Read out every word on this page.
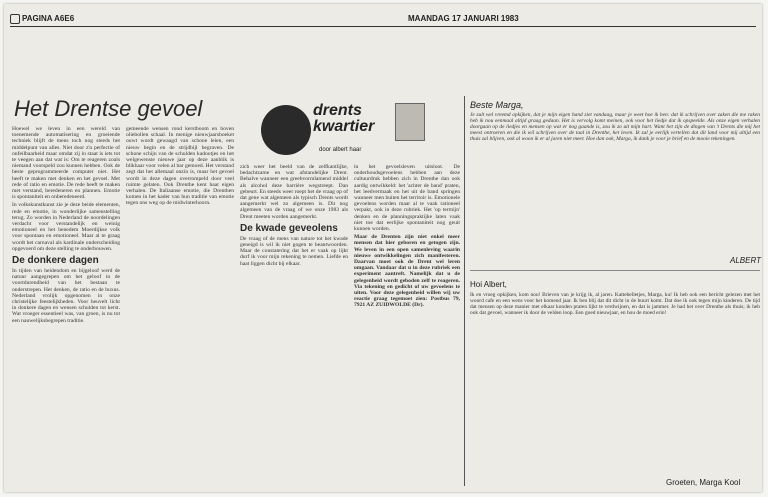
PAGINA A6E6	MAANDAG 17 JANUARI 1983
Het Drentse gevoel	drents
kwartier
door albert haar

Hoewel we leven in een wereld van toenemende automatisering en groeiende techniek blijft de mens toch nog steeds het middelpunt van alles. Niet door z'n perfectie of onfeilbaarheid maar omdat zij in staat is iets tot te veegen aan dat wat is: Om te reageren zoals niemand voorspeld zou kunnen hebben. Ook de beste geprogrammeerde computer niet. Het heeft te maken met denken en het gevoel. Met rede of ratio en emotie. De rede heeft te maken met verstand, beredeneren en plannen. Emotie is spontaniteit en onberedeneerd.

In volkskunstkunst zie je deze beide elementen, rede en emotie, in wonderlijke samenstelling terug. Zo worden in Nederland de noordelingen verdacht voor verstandelijk en weinig emotioneel en het benedem Moerdijkse volk voor spontaan en emotioneel. Maar al te graag wordt het carnaval als kardinale onderscheiding opgevoerd om deze stelling te onderbouwen.

De donkere dagen

In tijden van heidendom en bijgeloof werd de natuur aangegrepen om het geloof in de voortdurendheid van het bestaan te onderstrepen. Het denken, de ratio en de buxus. Nederland vrolijk opgenomen in onze christelijke feestelijkheden. Voor heuvelt licht in donkere dagen en wensen schulden tot kerst. Wat vroeger essentieel was, van groen, is nu tot een nauwelijksbegrepen traditie.

gemeende wensen rond kerstboom en boven oliebollen schaal. In menige nieuwjaarsboeket ouwt wordt gewaagd van schone leien, een nieuw begin en de strijdbijl begraven. De schone schijn van de schulden kadootjes en het welgewenste nieuwe jaar op deze aanblik is blikhaar voor velen al bar gemoed. Het verstand zegt dat het allemaal onzin is, maar het gevoel wordt in deze dagen overrompeld door veel ruimte gelaten. Ook Drenthe kent haar eigen verhalen. De Italiaanse emotie, die Drenthen komen in het kader van hun traditie van emotie tegen ons weg op de midwinterhoorn.

zich weer het beeld van de zelfkantlijke, bedachtzame en wat afstandelijke Drent. Behalve wanneer een greebvormlamend middel als alcohol deze barrière wegstreept. Dan gebeurt. En steeds weer roept het de vraag op of dat gene wat algemeen als typisch Drents wordt aangemerkt wel zo algemeen is. Dit nog algemeen van de vraag of we onze 1983 als Drent meeten worden aangemerkt.

De kwade geveolens

De vraag of de mens van nature tot het kwade geneigd is wil ik niet gogen te beantwoorden. Maar de constatering dat het er vaak op lijkt durf ik voor mijn rekening te nemen. Liefde en haat liggen dicht bij elkaar.

in het gevoelsleven uitsloot. De onderhoudsgevoelens hebben aan deze cultuurdruk hebben zich in Drenthe dan ook aardig ontwikkeld: het 'achter de band' praten, het leedvermaak en het uit de band springen wanneer men buiten het territoir is. Emotionele gevoelens worden maar al te vaak rationeel verpakt, ook in deze rubriek. Het 'op termijn' denken en de planningspraktijke laten vaak niet toe dat eerlijke spontaniteit nog geuit kunnen worden.

Maar de Drenten zijn niet enkel meer mensen dat hier geboren en getogen zijn. We leven in een open samenleving waarin nieuwe ontwikkelingen zich manifesteren. Daarvan moet ook de Drent wel leren omgaan. Vandaar dat u in deze rubriek een experiment aantreft. Namelijk dat u de gelegenheid wordt geboden zelf te reageren. Via tekening en gedicht of uw gevoelens te uiten. Voor deze gelegenheid willen wij uw reactie graag tegemoet zien: Postbus 79, 7921 AZ ZUIDWOLDE (Dr).

Beste Marga,
Je zult wel vreemd opkijken, dat je mijn eigen hand ziet vandaag, maar je weet hoe ik ben: dat ik schrijven over zaken die me raken heb ik nou eenmaal altijd graag gedaan. Het is vervolg komt meinen, ook voor het liedje dat ik opspeelde. Als onze eigen verhalen doorgaan op de liedjes en mensen op wat er nog gaande is, zou ik zo uit mijn hart. Want het zijn de dingen van 't Drents die mij het meest ontroeren en die ik wil schrijven over de taal in Drenthe, het leven. Ik zal je eerlijk vertellen dat dit land voor mij altijd een thuis zal blijven, ook al woon ik er al jaren niet meer. Hoe dan ook, Marga, ik dank je voor je brief en de mooie tekeningen.
ALBERT
Hoi Albert,
Ik en vroeg opkijken, kom nou! Brieven van je krijg ik, al jaren. Kattebelletjes, Marga, ku! Ik heb ook een bericht gelezen met het woord cafe en een wens voor het komend jaar. Ik ben blij dat dit dicht in de buurt komt. Dat doe ik ook tegen mijn kinderen. De tijd dat mensen op deze manier met elkaar konden praten lijkt te verdwijnen, en dat is jammer. Je had het over Drenthe als thuis; ik heb ook dat gevoel, wanneer ik door de velden loop. Een goed nieuwjaar, en hou de moed erin!
Groeten, Marga Kool
